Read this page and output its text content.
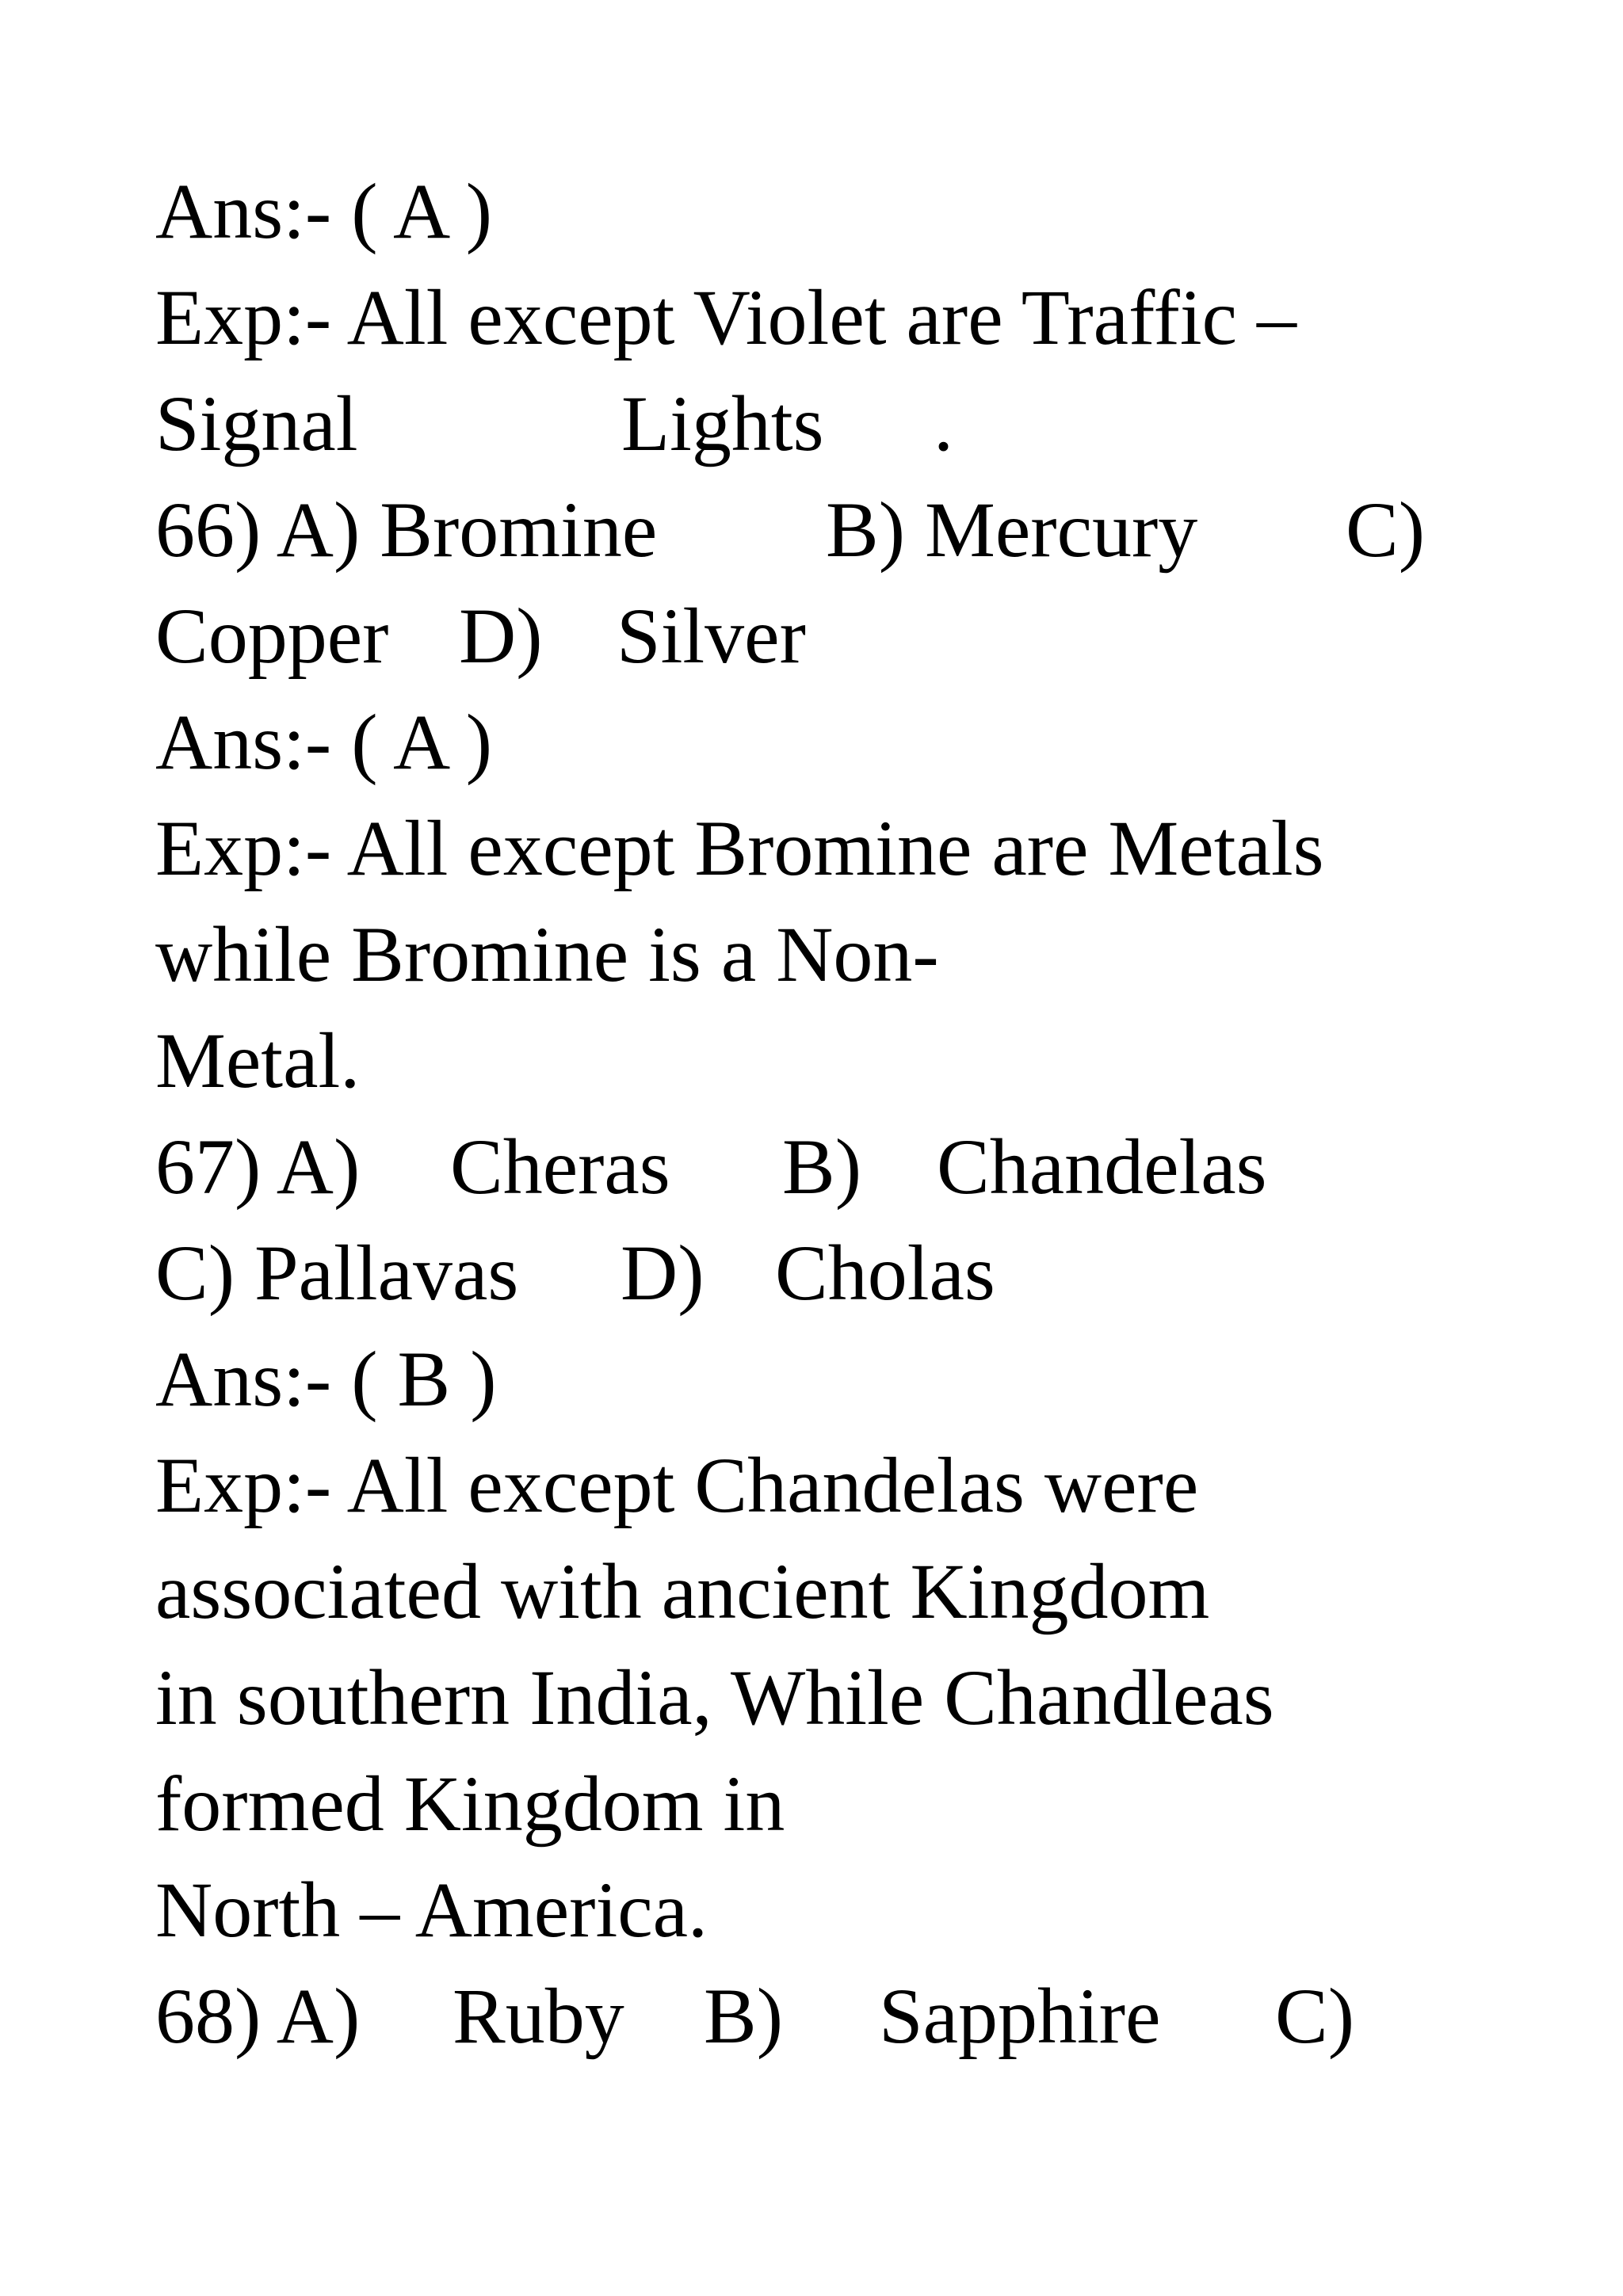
Ans:- ( A )

Exp:- All except Violet are Traffic –

Signal	Lights .

66) A) Bromine B) Mercury C)

Copper D) Silver

Ans:- ( A )

Exp:- All except Bromine are Metals

while Bromine is a Non-

Metal.

67) A) Cheras B) Chandelas

C) Pallavas D) Cholas

Ans:- ( B )

Exp:- All except Chandelas were

associated with ancient Kingdom

in southern India, While Chandleas

formed Kingdom in

North – America.

68) A) Ruby B) Sapphire C)
